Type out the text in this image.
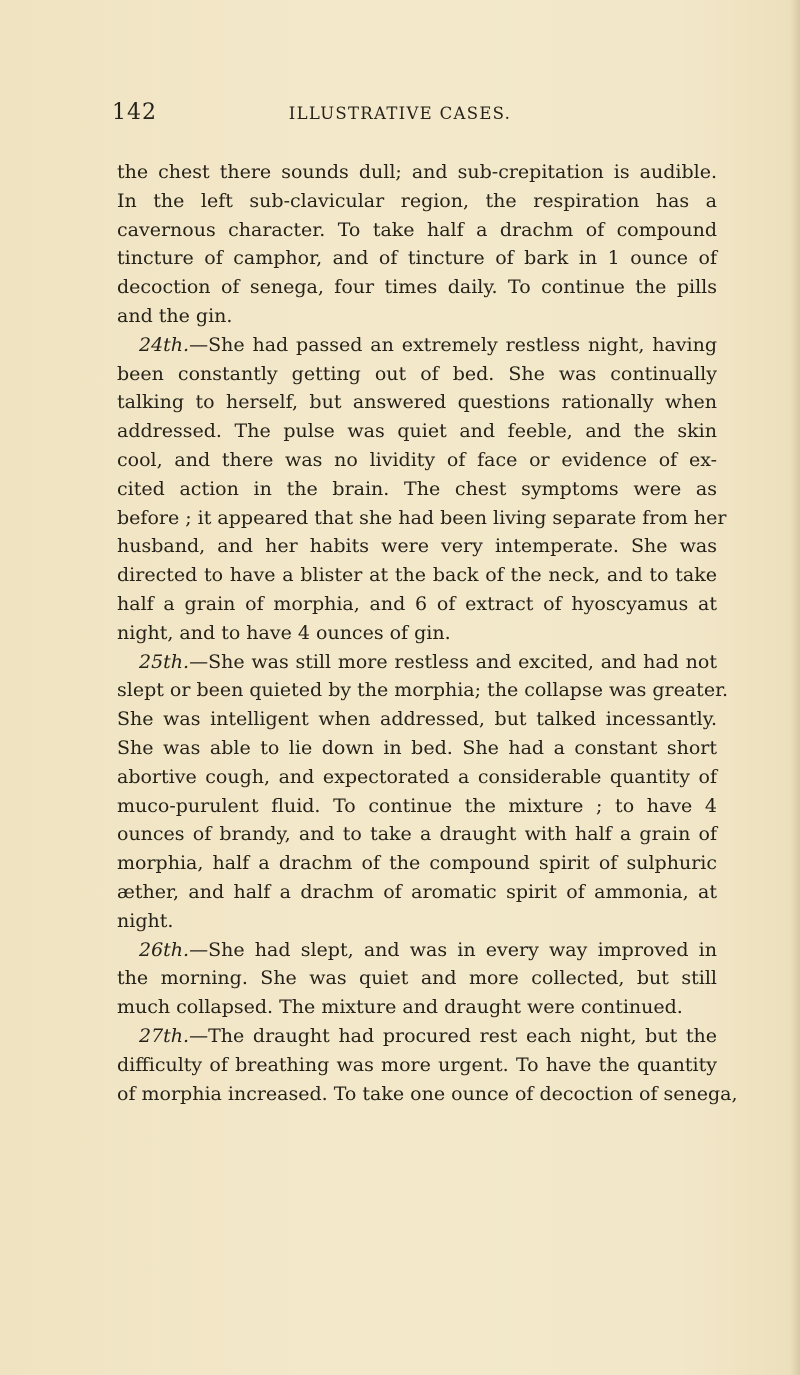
142	ILLUSTRATIVE CASES.
the chest there sounds dull; and sub-crepitation is audible.
In the left sub-clavicular region, the respiration has a
cavernous character. To take half a drachm of compound
tincture of camphor, and of tincture of bark in 1 ounce of
decoction of senega, four times daily. To continue the pills
and the gin.
24th.—She had passed an extremely restless night, having
been constantly getting out of bed. She was continually
talking to herself, but answered questions rationally when
addressed. The pulse was quiet and feeble, and the skin
cool, and there was no lividity of face or evidence of ex-
cited action in the brain. The chest symptoms were as
before ; it appeared that she had been living separate from her
husband, and her habits were very intemperate. She was
directed to have a blister at the back of the neck, and to take
half a grain of morphia, and 6 of extract of hyoscyamus at
night, and to have 4 ounces of gin.
25th.—She was still more restless and excited, and had not
slept or been quieted by the morphia; the collapse was greater.
She was intelligent when addressed, but talked incessantly.
She was able to lie down in bed. She had a constant short
abortive cough, and expectorated a considerable quantity of
muco-purulent fluid. To continue the mixture ; to have 4
ounces of brandy, and to take a draught with half a grain of
morphia, half a drachm of the compound spirit of sulphuric
æther, and half a drachm of aromatic spirit of ammonia, at
night.
26th.—She had slept, and was in every way improved in
the morning. She was quiet and more collected, but still
much collapsed. The mixture and draught were continued.
27th.—The draught had procured rest each night, but the
difficulty of breathing was more urgent. To have the quantity
of morphia increased. To take one ounce of decoction of senega,
